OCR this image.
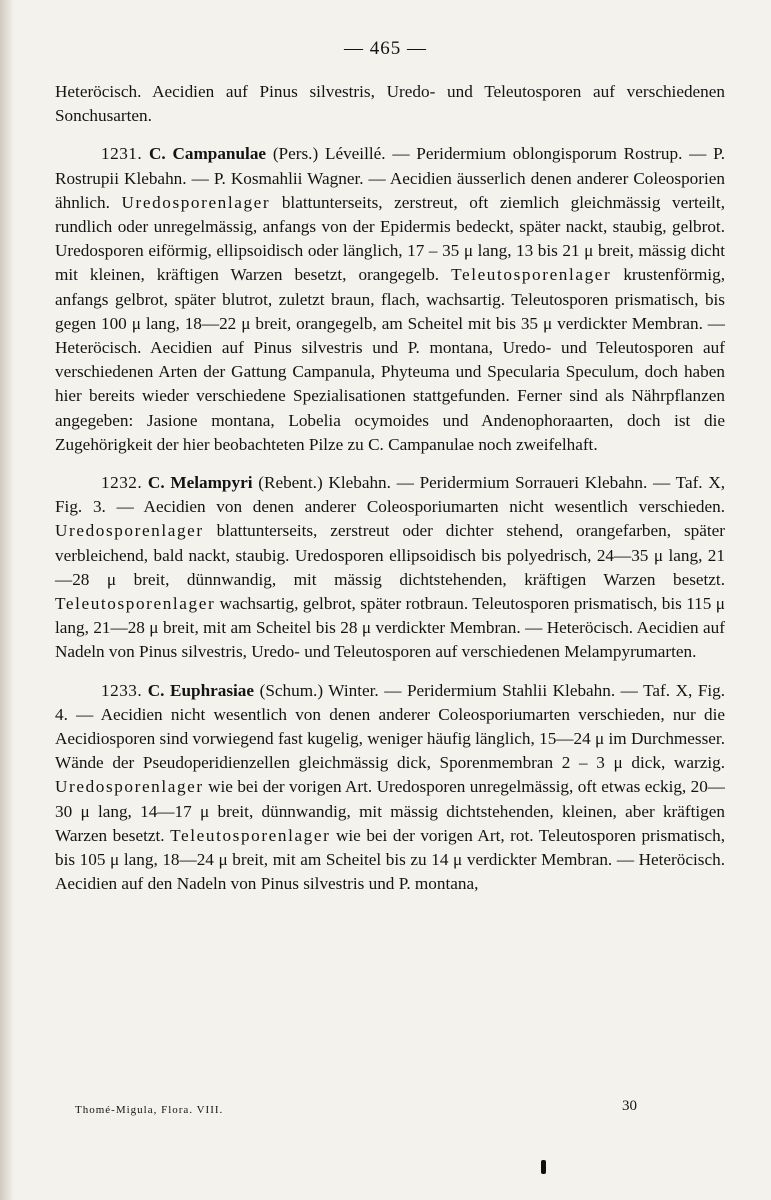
— 465 —

Heteröcisch. Aecidien auf Pinus silvestris, Uredo- und Teleutosporen auf verschiedenen Sonchusarten.

1231. C. Campanulae (Pers.) Léveillé. — Peridermium oblongisporum Rostrup. — P. Rostrupii Klebahn. — P. Kosmahlii Wagner. — Aecidien äusserlich denen anderer Coleosporien ähnlich. Uredosporenlager blattunterseits, zerstreut, oft ziemlich gleichmässig verteilt, rundlich oder unregelmässig, anfangs von der Epidermis bedeckt, später nackt, staubig, gelbrot. Uredosporen eiförmig, ellipsoidisch oder länglich, 17 – 35 μ lang, 13 bis 21 μ breit, mässig dicht mit kleinen, kräftigen Warzen besetzt, orangegelb. Teleutosporenlager krustenförmig, anfangs gelbrot, später blutrot, zuletzt braun, flach, wachsartig. Teleutosporen prismatisch, bis gegen 100 μ lang, 18—22 μ breit, orangegelb, am Scheitel mit bis 35 μ verdickter Membran. — Heteröcisch. Aecidien auf Pinus silvestris und P. montana, Uredo- und Teleutosporen auf verschiedenen Arten der Gattung Campanula, Phyteuma und Specularia Speculum, doch haben hier bereits wieder verschiedene Spezialisationen stattgefunden. Ferner sind als Nährpflanzen angegeben: Jasione montana, Lobelia ocymoides und Andenophoraarten, doch ist die Zugehörigkeit der hier beobachteten Pilze zu C. Campanulae noch zweifelhaft.

1232. C. Melampyri (Rebent.) Klebahn. — Peridermium Sorraueri Klebahn. — Taf. X, Fig. 3. — Aecidien von denen anderer Coleosporiumarten nicht wesentlich verschieden. Uredosporenlager blattunterseits, zerstreut oder dichter stehend, orangefarben, später verbleichend, bald nackt, staubig. Uredosporen ellipsoidisch bis polyedrisch, 24—35 μ lang, 21—28 μ breit, dünnwandig, mit mässig dichtstehenden, kräftigen Warzen besetzt. Teleutosporenlager wachsartig, gelbrot, später rotbraun. Teleutosporen prismatisch, bis 115 μ lang, 21—28 μ breit, mit am Scheitel bis 28 μ verdickter Membran. — Heteröcisch. Aecidien auf Nadeln von Pinus silvestris, Uredo- und Teleutosporen auf verschiedenen Melampyrumarten.

1233. C. Euphrasiae (Schum.) Winter. — Peridermium Stahlii Klebahn. — Taf. X, Fig. 4. — Aecidien nicht wesentlich von denen anderer Coleosporiumarten verschieden, nur die Aecidiosporen sind vorwiegend fast kugelig, weniger häufig länglich, 15—24 μ im Durchmesser. Wände der Pseudoperidienzellen gleichmässig dick, Sporenmembran 2 – 3 μ dick, warzig. Uredosporenlager wie bei der vorigen Art. Uredosporen unregelmässig, oft etwas eckig, 20—30 μ lang, 14—17 μ breit, dünnwandig, mit mässig dichtstehenden, kleinen, aber kräftigen Warzen besetzt. Teleutosporenlager wie bei der vorigen Art, rot. Teleutosporen prismatisch, bis 105 μ lang, 18—24 μ breit, mit am Scheitel bis zu 14 μ verdickter Membran. — Heteröcisch. Aecidien auf den Nadeln von Pinus silvestris und P. montana,

Thomé-Migula, Flora. VIII.	30
